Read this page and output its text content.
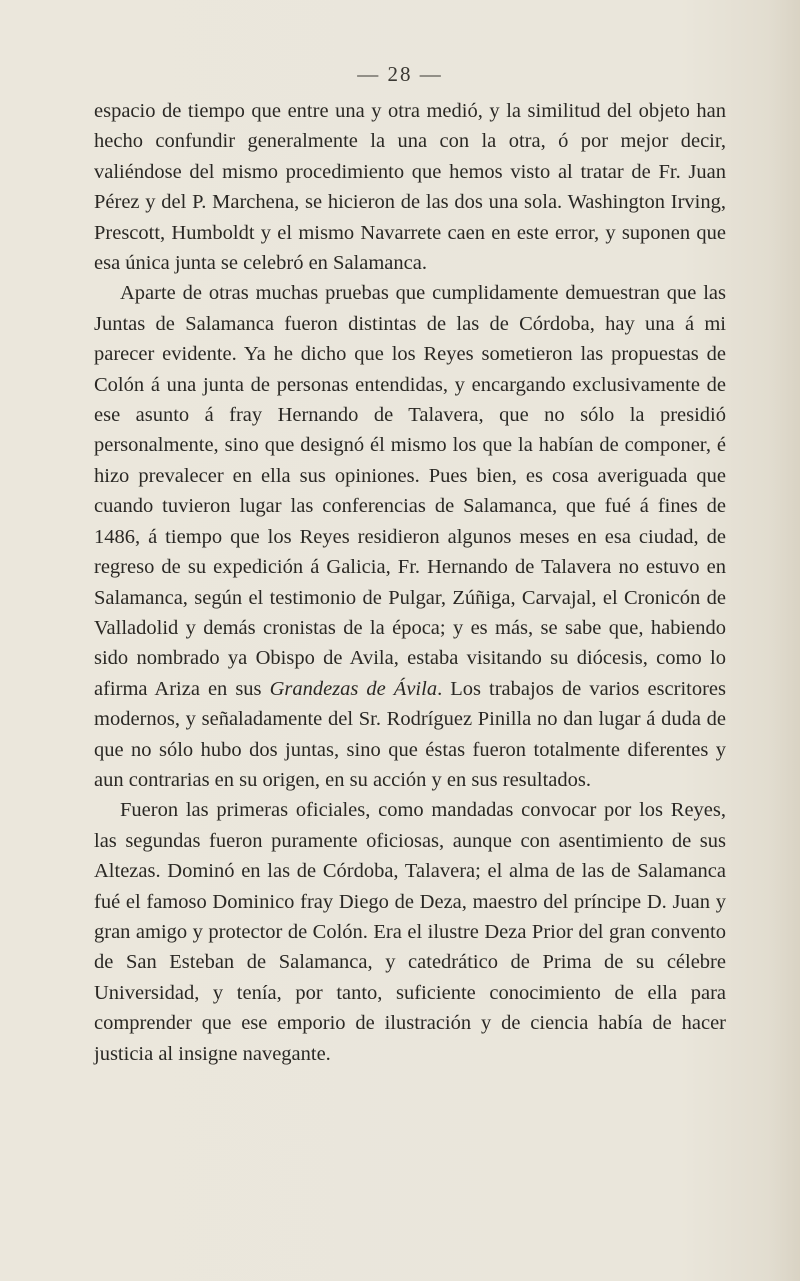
— 28 —

espacio de tiempo que entre una y otra medió, y la similitud del objeto han hecho confundir generalmente la una con la otra, ó por mejor decir, valiéndose del mismo procedimiento que hemos visto al tratar de Fr. Juan Pérez y del P. Marchena, se hicieron de las dos una sola. Washington Irving, Prescott, Humboldt y el mismo Navarrete caen en este error, y suponen que esa única junta se celebró en Salamanca.

Aparte de otras muchas pruebas que cumplidamente demuestran que las Juntas de Salamanca fueron distintas de las de Córdoba, hay una á mi parecer evidente. Ya he dicho que los Reyes sometieron las propuestas de Colón á una junta de personas entendidas, y encargando exclusivamente de ese asunto á fray Hernando de Talavera, que no sólo la presidió personalmente, sino que designó él mismo los que la habían de componer, é hizo prevalecer en ella sus opiniones. Pues bien, es cosa averiguada que cuando tuvieron lugar las conferencias de Salamanca, que fué á fines de 1486, á tiempo que los Reyes residieron algunos meses en esa ciudad, de regreso de su expedición á Galicia, Fr. Hernando de Talavera no estuvo en Salamanca, según el testimonio de Pulgar, Zúñiga, Carvajal, el Cronicón de Valladolid y demás cronistas de la época; y es más, se sabe que, habiendo sido nombrado ya Obispo de Avila, estaba visitando su diócesis, como lo afirma Ariza en sus Grandezas de Ávila. Los trabajos de varios escritores modernos, y señaladamente del Sr. Rodríguez Pinilla no dan lugar á duda de que no sólo hubo dos juntas, sino que éstas fueron totalmente diferentes y aun contrarias en su origen, en su acción y en sus resultados.

Fueron las primeras oficiales, como mandadas convocar por los Reyes, las segundas fueron puramente oficiosas, aunque con asentimiento de sus Altezas. Dominó en las de Córdoba, Talavera; el alma de las de Salamanca fué el famoso Dominico fray Diego de Deza, maestro del príncipe D. Juan y gran amigo y protector de Colón. Era el ilustre Deza Prior del gran convento de San Esteban de Salamanca, y catedrático de Prima de su célebre Universidad, y tenía, por tanto, suficiente conocimiento de ella para comprender que ese emporio de ilustración y de ciencia había de hacer justicia al insigne navegante.
